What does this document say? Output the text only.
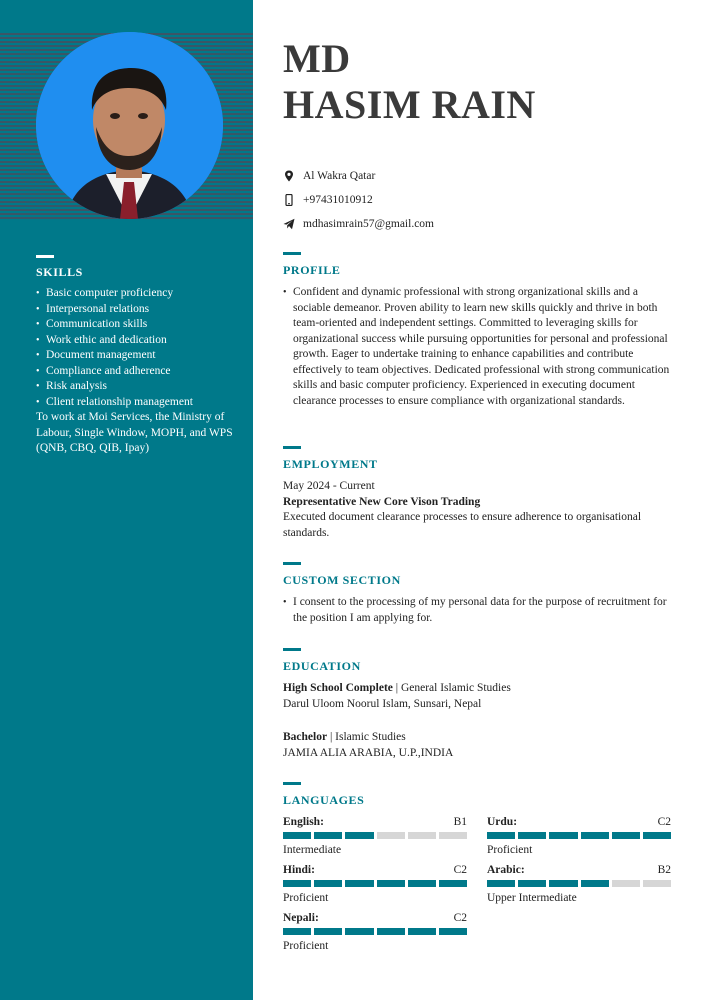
SKILLS
• Basic computer proficiency
• Interpersonal relations
• Communication skills
• Work ethic and dedication
• Document management
• Compliance and adherence
• Risk analysis
• Client relationship management
To work at Moi Services, the Ministry of Labour, Single Window, MOPH, and WPS (QNB, CBQ, QIB, Ipay)
MD
HASIM RAIN
Al Wakra Qatar
+97431010912
mdhasimrain57@gmail.com
PROFILE
• Confident and dynamic professional with strong organizational skills and a sociable demeanor. Proven ability to learn new skills quickly and thrive in both team-oriented and independent settings. Committed to leveraging skills for organizational success while pursuing opportunities for personal and professional growth. Eager to undertake training to enhance capabilities and contribute effectively to team objectives. Dedicated professional with strong communication skills and basic computer proficiency. Experienced in executing document clearance processes to ensure compliance with organizational standards.
EMPLOYMENT
May 2024 - Current
Representative New Core Vison Trading
Executed document clearance processes to ensure adherence to organisational standards.
CUSTOM SECTION
• I consent to the processing of my personal data for the purpose of recruitment for the position I am applying for.
EDUCATION
High School Complete | General Islamic Studies
Darul Uloom Noorul Islam, Sunsari, Nepal
Bachelor | Islamic Studies
JAMIA ALIA ARABIA, U.P.,INDIA
LANGUAGES
English:	B1
Intermediate
Urdu:	C2
Proficient
Hindi:	C2
Proficient
Arabic:	B2
Upper Intermediate
Nepali:	C2
Proficient
